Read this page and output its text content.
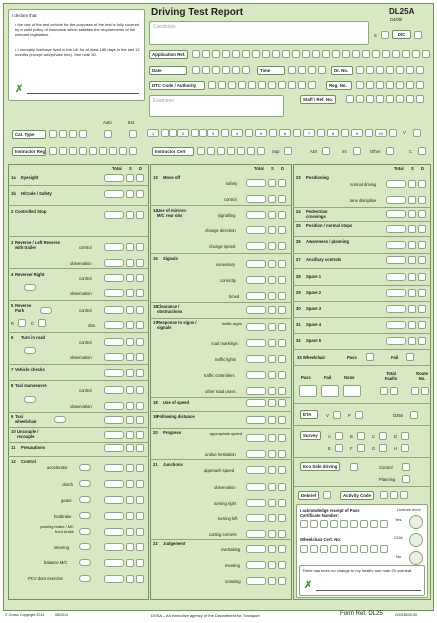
I declare that:
• the use of the test vehicle for the purposes of the test is fully covered by a valid policy of insurance which satisfies the requirements of the relevant legislation.
• I normally live/have lived in the UK for at least 185 days in the last 12 months (except taxi/private hire). See note 30.
✗
Driving Test Report	DL25A
D4/08/
Candidate
S	D/C
Application Ref.
Date	Time	Dr. No.
DTC Code / Authority	Reg. No.
Examiner	Staff / Ref. No.
Auto	Ext
Cat. Type	1	2	3	4	5	6	7	8	9	10	V
Instructor Reg	Instructor Cert	Sup	ADI	Int	Other	C
Total S D
1a Eyesight
1b H/Code / Safety
2 Controlled Stop
3 Reverse / Left Reverse with trailer	control
observation
4 Reverse/ Right
control
observation
5 Reverse Park
R	C
control
obs.
6 Turn in road
control
observation
7 Vehicle checks
8 Taxi manoeuvre
control
observation
9 Taxi wheelchair
10 Uncouple / recouple
11 Precautions
12 Control
accelerator
clutch
gears
footbrake
parking brake / MC front brake
steering
balance M/C
PCV door exercise
Total S D
13 Move off
safety
control
14 Use of mirrors- M/C rear obs	signalling
change direction
change speed
15 Signals
necessary
correctly
timed
16 Clearance / obstructions
17 Response to signs / signals
traffic signs
road markings
traffic lights
traffic controllers
other road users
18 Use of speed
19 Following distance
20 Progress	appropriate speed
undue hesitation
21 Junctions
approach speed
observation
turning right
turning left
cutting corners
22 Judgement
overtaking
meeting
crossing
Total S D
23 Positioning
normal driving
lane discipline
24 Pedestrian crossings
25 Position / normal stops
26 Awareness / planning
27 Ancillary controls
28 Spare 1
29 Spare 2
30 Spare 3
31 Spare 4
32 Spare 5
33 Wheelchair	Pass	Fail
Pass	Fail	None
Total Faults
Route No.
ETA	V	P	D255
Survey	A	B	C	D
E	F	G	H
Eco Safe driving	Control
Planning
Debrief	Activity Code
I acknowledge receipt of Pass Certificate Number:
Licence rec'd
Yes
COA
No
Wheelchair Cert. No:
There has been no change to my health: see note 29 overleaf.
✗
© Crown Copyright 2014	08/2014	DVSA – An executive agency of the Department for Transport	Form Ref. DL25	D001B000-00
